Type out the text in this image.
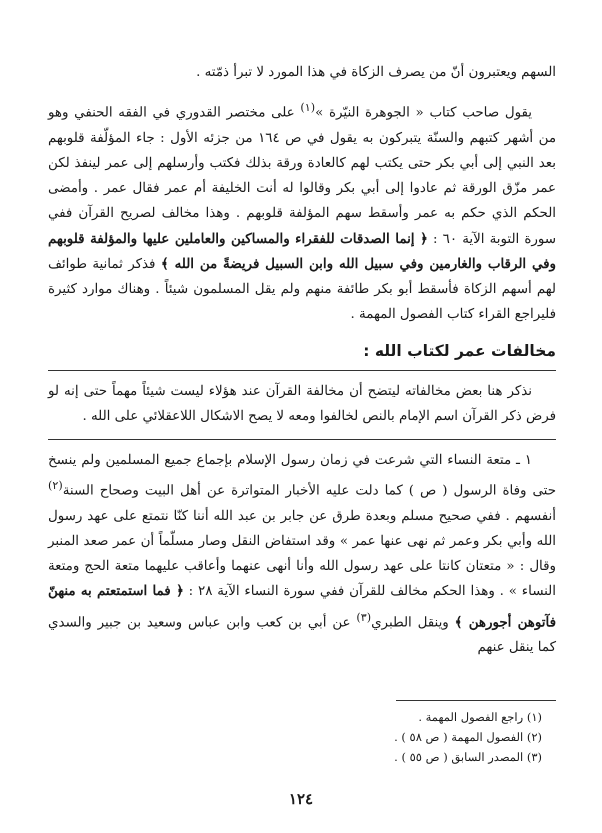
السهم ويعتبرون أنّ من يصرف الزكاة في هذا المورد لا تبرأ ذمّته .

يقول صاحب كتاب « الجوهرة النيّرة »$^{(١)}$ على مختصر القدوري في الفقه الحنفي وهو من أشهر كتبهم والسنّة يتبركون به يقول في ص ١٦٤ من جزئه الأول : جاء المؤلّفة قلوبهم بعد النبي إلى أبي بكر حتى يكتب لهم كالعادة ورقة بذلك فكتب وأرسلهم إلى عمر لينفذ لكن عمر مزّق الورقة ثم عادوا إلى أبي بكر وقالوا له أنت الخليفة أم عمر فقال عمر . وأمضى الحكم الذي حكم به عمر وأسقط سهم المؤلفة قلوبهم . وهذا مخالف لصريح القرآن ففي سورة التوبة الآية ٦٠ : ﴿ إنما الصدقات للفقراء والمساكين والعاملين عليها والمؤلفة قلوبهم وفي الرقاب والغارمين وفي سبيل الله وابن السبيل فريضةً من الله ﴾ فذكر ثمانية طوائف لهم أسهم الزكاة فأسقط أبو بكر طائفة منهم ولم يقل المسلمون شيئاً . وهناك موارد كثيرة فليراجع القراء كتاب الفصول المهمة .

مخالفات عمر لكتاب الله :

نذكر هنا بعض مخالفاته ليتضح أن مخالفة القرآن عند هؤلاء ليست شيئاً مهماً حتى إنه لو فرض ذكر القرآن اسم الإمام بالنص لخالفوا ومعه لا يصح الاشكال اللاعقلائي على الله .

١ ـ متعة النساء التي شرعت في زمان رسول الإسلام بإجماع جميع المسلمين ولم ينسخ حتى وفاة الرسول ( ص ) كما دلت عليه الأخبار المتواترة عن أهل البيت وصحاح السنة$^{(٢)}$ أنفسهم . ففي صحيح مسلم وبعدة طرق عن جابر بن عبد الله أننا كنّا نتمتع على عهد رسول الله وأبي بكر وعمر ثم نهى عنها عمر » وقد استفاض النقل وصار مسلّماً أن عمر صعد المنبر وقال : « متعتان كانتا على عهد رسول الله وأنا أنهى عنهما وأعاقب عليهما متعة الحج ومتعة النساء » . وهذا الحكم مخالف للقرآن ففي سورة النساء الآية ٢٨ : ﴿ فما استمتعتم به منهنّ فآتوهن أجورهن ﴾ وينقل الطبري$^{(٣)}$ عن أبي بن كعب وابن عباس وسعيد بن جبير والسدي كما ينقل عنهم

(١) راجع الفصول المهمة .
(٢) الفصول المهمة ( ص ٥٨ ) .
(٣) المصدر السابق ( ص ٥٥ ) .
١٢٤
